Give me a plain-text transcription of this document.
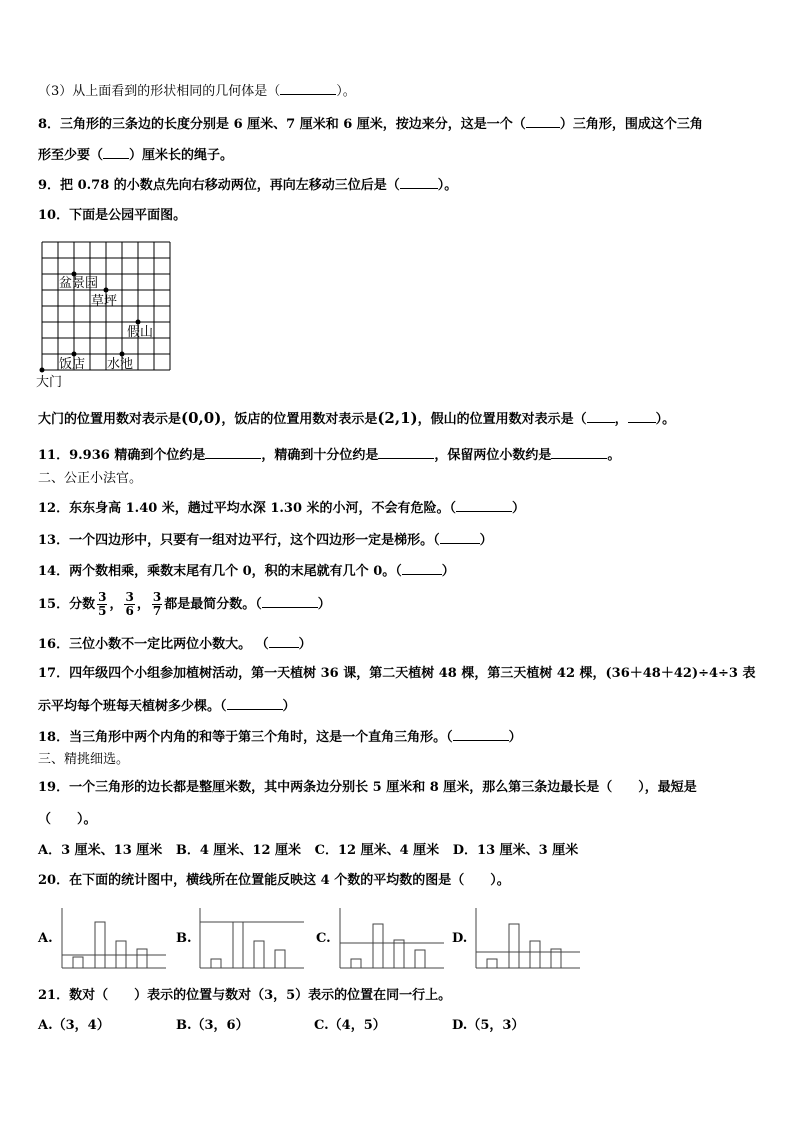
（3）从上面看到的形状相同的几何体是（	）。
8．三角形的三条边的长度分别是 6 厘米、7 厘米和 6 厘米，按边来分，这是一个（	）三角形，围成这个三角
形至少要（ ）厘米长的绳子。
9．把 0.78 的小数点先向右移动两位，再向左移动三位后是（	）。
10．下面是公园平面图。
盆景园
草坪
假山
饭店 水池
大门
大门的位置用数对表示是(0,0)，饭店的位置用数对表示是(2,1)，假山的位置用数对表示是（ ， ）。
11．9.936 精确到个位约是	，精确到十分位约是	，保留两位小数约是	。
二、公正小法官。
12．东东身高 1.40 米，趟过平均水深 1.30 米的小河，不会有危险。（	）
13．一个四边形中，只要有一组对边平行，这个四边形一定是梯形。（	）
14．两个数相乘，乘数末尾有几个 0，积的末尾就有几个 0。（	）
15．分数 $\frac{3}{5}$ ， $\frac{3}{6}$ ， $\frac{3}{7}$ 都是最简分数。（	）
16．三位小数不一定比两位小数大。 （ ）
17．四年级四个小组参加植树活动，第一天植树 36 课，第二天植树 48 棵，第三天植树 42 棵，(36＋48＋42)÷4÷3 表
示平均每个班每天植树多少棵。（	）
18．当三角形中两个内角的和等于第三个角时，这是一个直角三角形。（	）
三、精挑细选。
19．一个三角形的边长都是整厘米数，其中两条边分别长 5 厘米和 8 厘米，那么第三条边最长是（　　），最短是
（　　）。
A．3 厘米、13 厘米 B．4 厘米、12 厘米 C．12 厘米、4 厘米 D．13 厘米、3 厘米
20．在下面的统计图中，横线所在位置能反映这 4 个数的平均数的图是（　　）。
A.	B.	C.	D.
21．数对（　　）表示的位置与数对（3，5）表示的位置在同一行上。
A.（3，4）	B.（3，6）	C.（4，5）	D.（5，3）
